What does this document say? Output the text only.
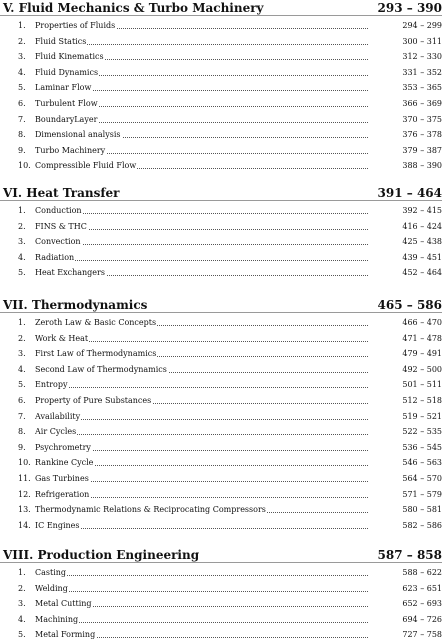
V. Fluid Mechanics & Turbo Machinery	293 – 390
1. Properties of Fluids	294 – 299
2. Fluid Statics	300 – 311
3. Fluid Kinematics	312 – 330
4. Fluid Dynamics	331 – 352
5. Laminar Flow	353 – 365
6. Turbulent Flow	366 – 369
7. BoundaryLayer	370 – 375
8. Dimensional analysis	376 – 378
9. Turbo Machinery	379 – 387
10. Compressible Fluid Flow	388 – 390
VI. Heat Transfer	391 – 464
1. Conduction	392 – 415
2. FINS & THC	416 – 424
3. Convection	425 – 438
4. Radiation	439 – 451
5. Heat Exchangers	452 – 464
VII. Thermodynamics	465 – 586
1. Zeroth Law & Basic Concepts	466 – 470
2. Work & Heat	471 – 478
3. First Law of Thermodynamics	479 – 491
4. Second Law of Thermodynamics	492 – 500
5. Entropy	501 – 511
6. Property of Pure Substances	512 – 518
7. Availability	519 – 521
8. Air Cycles	522 – 535
9. Psychrometry	536 – 545
10. Rankine Cycle	546 – 563
11. Gas Turbines	564 – 570
12. Refrigeration	571 – 579
13. Thermodynamic Relations & Reciprocating Compressors	580 – 581
14. IC Engines	582 – 586
VIII. Production Engineering	587 – 858
1. Casting	588 – 622
2. Welding	623 – 651
3. Metal Cutting	652 – 693
4. Machining	694 – 726
5. Metal Forming	727 – 758
